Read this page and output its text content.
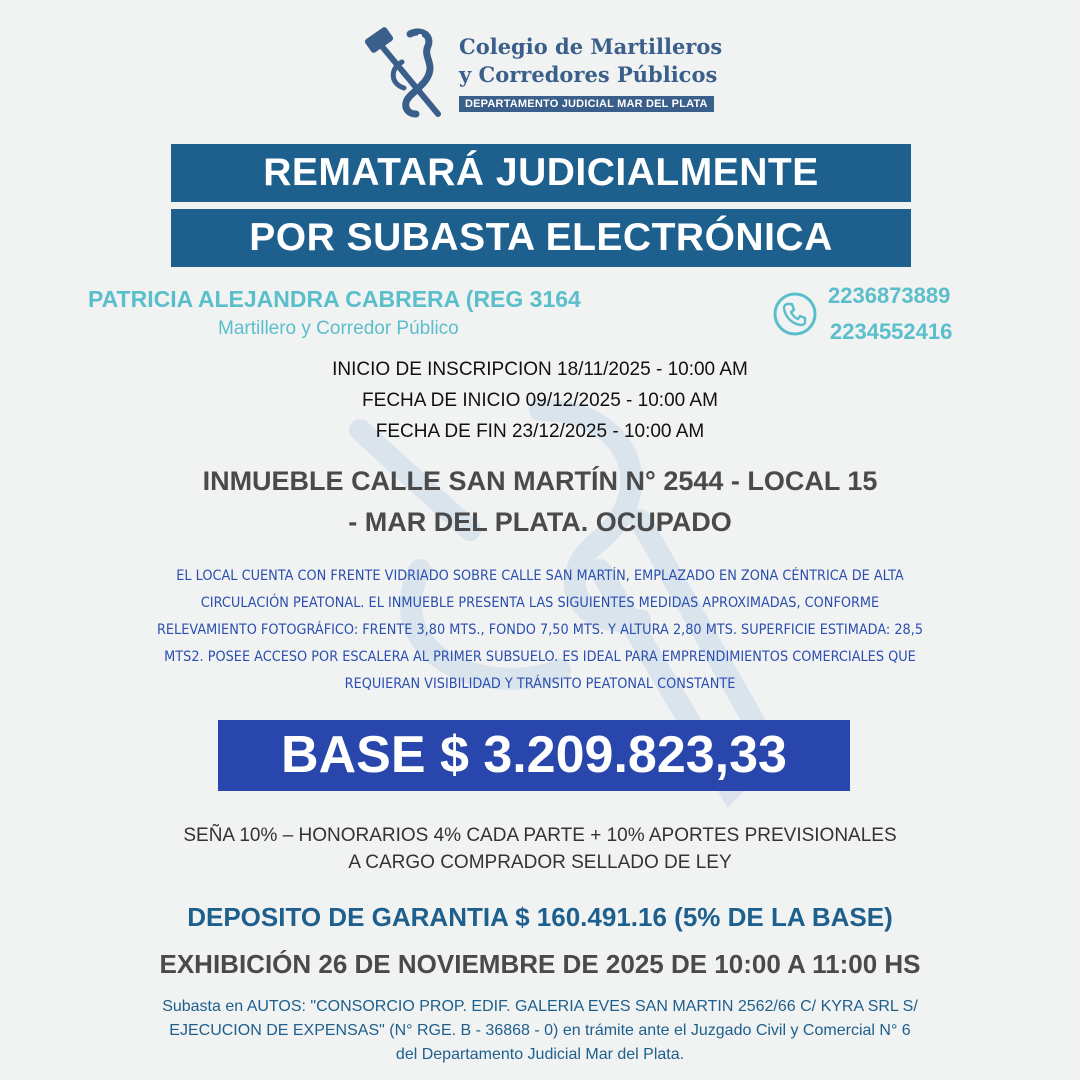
Colegio de Martilleros
y Corredores Públicos
DEPARTAMENTO JUDICIAL MAR DEL PLATA
REMATARÁ JUDICIALMENTE
POR SUBASTA ELECTRÓNICA
PATRICIA ALEJANDRA CABRERA (REG 3164
Martillero y Corredor Público
2236873889
2234552416
INICIO DE INSCRIPCION 18/11/2025 - 10:00 AM
FECHA DE INICIO 09/12/2025 - 10:00 AM
FECHA DE FIN 23/12/2025 - 10:00 AM
INMUEBLE CALLE SAN MARTÍN N° 2544 - LOCAL 15
- MAR DEL PLATA. OCUPADO
EL LOCAL CUENTA CON FRENTE VIDRIADO SOBRE CALLE SAN MARTÍN, EMPLAZADO EN ZONA CÉNTRICA DE ALTA
CIRCULACIÓN PEATONAL. EL INMUEBLE PRESENTA LAS SIGUIENTES MEDIDAS APROXIMADAS, CONFORME
RELEVAMIENTO FOTOGRÁFICO: FRENTE 3,80 MTS., FONDO 7,50 MTS. Y ALTURA 2,80 MTS. SUPERFICIE ESTIMADA: 28,5
MTS2. POSEE ACCESO POR ESCALERA AL PRIMER SUBSUELO. ES IDEAL PARA EMPRENDIMIENTOS COMERCIALES QUE
REQUIERAN VISIBILIDAD Y TRÁNSITO PEATONAL CONSTANTE
BASE $ 3.209.823,33
SEÑA 10% – HONORARIOS 4% CADA PARTE + 10% APORTES PREVISIONALES
A CARGO COMPRADOR SELLADO DE LEY
DEPOSITO DE GARANTIA $ 160.491.16 (5% DE LA BASE)
EXHIBICIÓN 26 DE NOVIEMBRE DE 2025 DE 10:00 A 11:00 HS
Subasta en AUTOS: "CONSORCIO PROP. EDIF. GALERIA EVES SAN MARTIN 2562/66 C/ KYRA SRL S/
EJECUCION DE EXPENSAS" (N° RGE. B - 36868 - 0) en trámite ante el Juzgado Civil y Comercial N° 6
del Departamento Judicial Mar del Plata.
